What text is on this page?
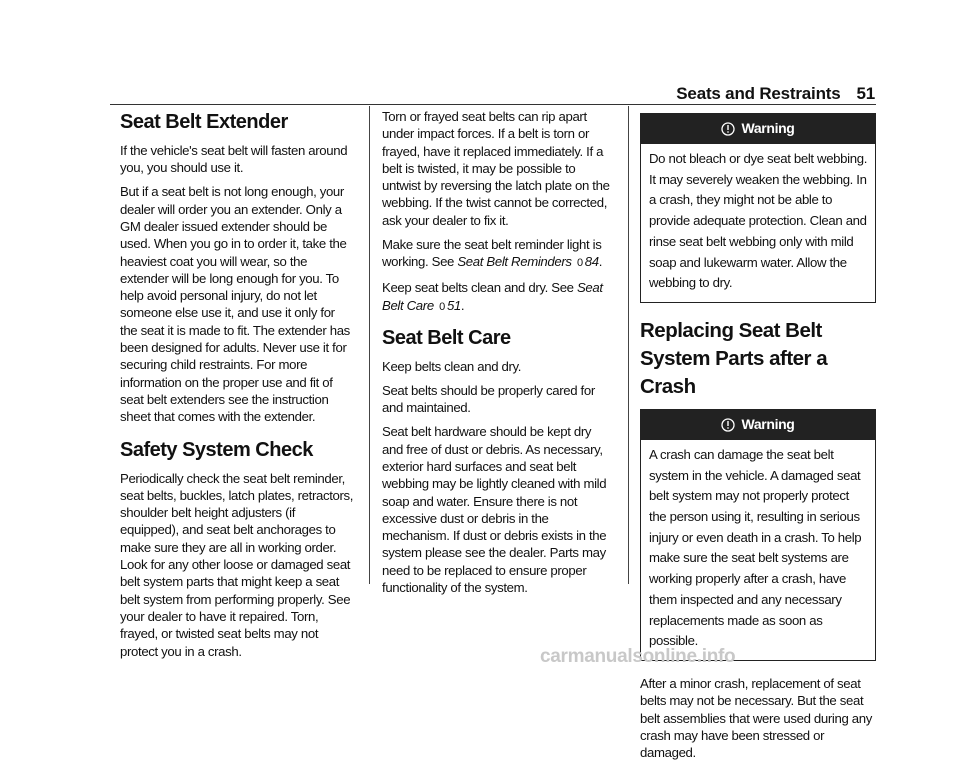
Seats and Restraints 51
Seat Belt Extender

If the vehicle's seat belt will fasten around you, you should use it.

But if a seat belt is not long enough, your dealer will order you an extender. Only a GM dealer issued extender should be used. When you go in to order it, take the heaviest coat you will wear, so the extender will be long enough for you. To help avoid personal injury, do not let someone else use it, and use it only for the seat it is made to fit. The extender has been designed for adults. Never use it for securing child restraints. For more information on the proper use and fit of seat belt extenders see the instruction sheet that comes with the extender.

Safety System Check

Periodically check the seat belt reminder, seat belts, buckles, latch plates, retractors, shoulder belt height adjusters (if equipped), and seat belt anchorages to make sure they are all in working order. Look for any other loose or damaged seat belt system parts that might keep a seat belt system from performing properly. See your dealer to have it repaired. Torn, frayed, or twisted seat belts may not protect you in a crash.

Torn or frayed seat belts can rip apart under impact forces. If a belt is torn or frayed, have it replaced immediately. If a belt is twisted, it may be possible to untwist by reversing the latch plate on the webbing. If the twist cannot be corrected, ask your dealer to fix it.

Make sure the seat belt reminder light is working. See Seat Belt Reminders 0 84.

Keep seat belts clean and dry. See Seat Belt Care 0 51.

Seat Belt Care

Keep belts clean and dry.

Seat belts should be properly cared for and maintained.

Seat belt hardware should be kept dry and free of dust or debris. As necessary, exterior hard surfaces and seat belt webbing may be lightly cleaned with mild soap and water. Ensure there is not excessive dust or debris in the mechanism. If dust or debris exists in the system please see the dealer. Parts may need to be replaced to ensure proper functionality of the system.

Warning
Do not bleach or dye seat belt webbing. It may severely weaken the webbing. In a crash, they might not be able to provide adequate protection. Clean and rinse seat belt webbing only with mild soap and lukewarm water. Allow the webbing to dry.
Replacing Seat Belt System Parts after a Crash
Warning
A crash can damage the seat belt system in the vehicle. A damaged seat belt system may not properly protect the person using it, resulting in serious injury or even death in a crash. To help make sure the seat belt systems are working properly after a crash, have them inspected and any necessary replacements made as soon as possible.

After a minor crash, replacement of seat belts may not be necessary. But the seat belt assemblies that were used during any crash may have been stressed or damaged.

carmanualsonline.info
